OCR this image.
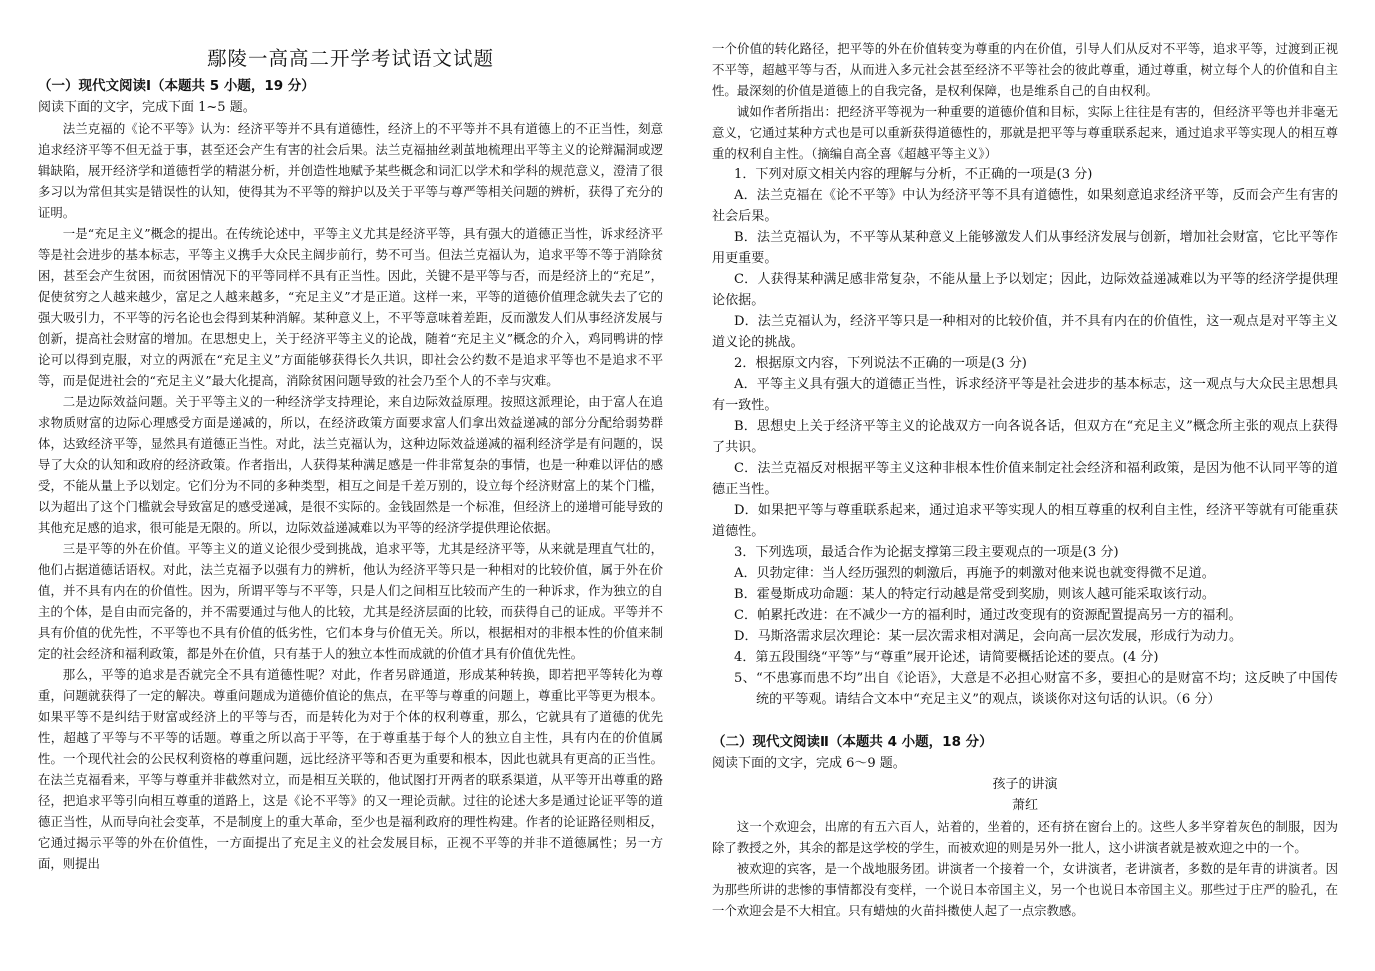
鄢陵一高高二开学考试语文试题
（一）现代文阅读Ⅰ（本题共 5 小题，19 分）
阅读下面的文字，完成下面 1~5 题。

法兰克福的《论不平等》认为：经济平等并不具有道德性，经济上的不平等并不具有道德上的不正当性，刻意追求经济平等不但无益于事，甚至还会产生有害的社会后果。法兰克福抽丝剥茧地梳理出平等主义的论辩漏洞或逻辑缺陷，展开经济学和道德哲学的精湛分析，并创造性地赋予某些概念和词汇以学术和学科的规范意义，澄清了很多习以为常但其实是错误性的认知，使得其为不平等的辩护以及关于平等与尊严等相关问题的辨析，获得了充分的证明。

一是“充足主义”概念的提出。在传统论述中，平等主义尤其是经济平等，具有强大的道德正当性，诉求经济平等是社会进步的基本标志，平等主义携手大众民主阔步前行，势不可当。但法兰克福认为，追求平等不等于消除贫困，甚至会产生贫困，而贫困情况下的平等同样不具有正当性。因此，关键不是平等与否，而是经济上的“充足”，促使贫穷之人越来越少，富足之人越来越多，“充足主义”才是正道。这样一来，平等的道德价值理念就失去了它的强大吸引力，不平等的污名论也会得到某种消解。某种意义上，不平等意味着差距，反而激发人们从事经济发展与创新，提高社会财富的增加。在思想史上，关于经济平等主义的论战，随着“充足主义”概念的介入，鸡同鸭讲的悖论可以得到克服，对立的两派在“充足主义”方面能够获得长久共识，即社会公约数不是追求平等也不是追求不平等，而是促进社会的“充足主义”最大化提高，消除贫困问题导致的社会乃至个人的不幸与灾难。

二是边际效益问题。关于平等主义的一种经济学支持理论，来自边际效益原理。按照这派理论，由于富人在追求物质财富的边际心理感受方面是递减的，所以，在经济政策方面要求富人们拿出效益递减的部分分配给弱势群体，达致经济平等，显然具有道德正当性。对此，法兰克福认为，这种边际效益递减的福利经济学是有问题的，误导了大众的认知和政府的经济政策。作者指出，人获得某种满足感是一件非常复杂的事情，也是一种难以评估的感受，不能从量上予以划定。它们分为不同的多种类型，相互之间是千差万别的，设立每个经济财富上的某个门槛，以为超出了这个门槛就会导致富足的感受递减，是很不实际的。金钱固然是一个标准，但经济上的递增可能导致的其他充足感的追求，很可能是无限的。所以，边际效益递减难以为平等的经济学提供理论依据。

三是平等的外在价值。平等主义的道义论很少受到挑战，追求平等，尤其是经济平等，从来就是理直气壮的，他们占据道德话语权。对此，法兰克福予以强有力的辨析，他认为经济平等只是一种相对的比较价值，属于外在价值，并不具有内在的价值性。因为，所谓平等与不平等，只是人们之间相互比较而产生的一种诉求，作为独立的自主的个体，是自由而完备的，并不需要通过与他人的比较，尤其是经济层面的比较，而获得自己的证成。平等并不具有价值的优先性，不平等也不具有价值的低劣性，它们本身与价值无关。所以，根据相对的非根本性的价值来制定的社会经济和福利政策，都是外在价值，只有基于人的独立本性而成就的价值才具有价值优先性。

那么，平等的追求是否就完全不具有道德性呢？对此，作者另辟通道，形成某种转换，即若把平等转化为尊重，问题就获得了一定的解决。尊重问题成为道德价值论的焦点，在平等与尊重的问题上，尊重比平等更为根本。如果平等不是纠结于财富或经济上的平等与否，而是转化为对于个体的权利尊重，那么，它就具有了道德的优先性，超越了平等与不平等的话题。尊重之所以高于平等，在于尊重基于每个人的独立自主性，具有内在的价值属性。一个现代社会的公民权利资格的尊重问题，远比经济平等和否更为重要和根本，因此也就具有更高的正当性。在法兰克福看来，平等与尊重并非截然对立，而是相互关联的，他试图打开两者的联系渠道，从平等开出尊重的路径，把追求平等引向相互尊重的道路上，这是《论不平等》的又一理论贡献。过往的论述大多是通过论证平等的道德正当性，从而导向社会变革，不是制度上的重大革命，至少也是福利政府的理性构建。作者的论证路径则相反，它通过揭示平等的外在价值性，一方面提出了充足主义的社会发展目标，正视不平等的并非不道德属性；另一方面，则提出

一个价值的转化路径，把平等的外在价值转变为尊重的内在价值，引导人们从反对不平等，追求平等，过渡到正视不平等，超越平等与否，从而进入多元社会甚至经济不平等社会的彼此尊重，通过尊重，树立每个人的价值和自主性。最深刻的价值是道德上的自我完备，是权利保障，也是维系自己的自由权利。

诚如作者所指出：把经济平等视为一种重要的道德价值和目标，实际上往往是有害的，但经济平等也并非毫无意义，它通过某种方式也是可以重新获得道德性的，那就是把平等与尊重联系起来，通过追求平等实现人的相互尊重的权利自主性。（摘编自高全喜《超越平等主义》）

1．下列对原文相关内容的理解与分析，不正确的一项是(3 分)

A．法兰克福在《论不平等》中认为经济平等不具有道德性，如果刻意追求经济平等，反而会产生有害的社会后果。

B．法兰克福认为，不平等从某种意义上能够激发人们从事经济发展与创新，增加社会财富，它比平等作用更重要。

C．人获得某种满足感非常复杂，不能从量上予以划定；因此，边际效益递减难以为平等的经济学提供理论依据。

D．法兰克福认为，经济平等只是一种相对的比较价值，并不具有内在的价值性，这一观点是对平等主义道义论的挑战。

2．根据原文内容，下列说法不正确的一项是(3 分)

A．平等主义具有强大的道德正当性，诉求经济平等是社会进步的基本标志，这一观点与大众民主思想具有一致性。

B．思想史上关于经济平等主义的论战双方一向各说各话，但双方在“充足主义”概念所主张的观点上获得了共识。

C．法兰克福反对根据平等主义这种非根本性价值来制定社会经济和福利政策，是因为他不认同平等的道德正当性。

D．如果把平等与尊重联系起来，通过追求平等实现人的相互尊重的权利自主性，经济平等就有可能重获道德性。

3．下列选项，最适合作为论据支撑第三段主要观点的一项是(3 分)

A．贝勃定律：当人经历强烈的刺激后，再施予的刺激对他来说也就变得微不足道。

B．霍曼斯成功命题：某人的特定行动越是常受到奖励，则该人越可能采取该行动。

C．帕累托改进：在不减少一方的福利时，通过改变现有的资源配置提高另一方的福利。

D．马斯洛需求层次理论：某一层次需求相对满足，会向高一层次发展，形成行为动力。

4．第五段围绕“平等”与“尊重”展开论述，请简要概括论述的要点。(4 分)

5、“不患寡而患不均”出自《论语》，大意是不必担心财富不多，要担心的是财富不均；这反映了中国传统的平等观。请结合文本中“充足主义”的观点，谈谈你对这句话的认识。（6 分）
（二）现代文阅读Ⅱ（本题共 4 小题，18 分）
阅读下面的文字，完成 6～9 题。
孩子的讲演
萧红

这一个欢迎会，出席的有五六百人，站着的，坐着的，还有挤在窗台上的。这些人多半穿着灰色的制服，因为除了教授之外，其余的都是这学校的学生，而被欢迎的则是另外一批人，这小讲演者就是被欢迎之中的一个。

被欢迎的宾客，是一个战地服务团。讲演者一个接着一个，女讲演者，老讲演者，多数的是年青的讲演者。因为那些所讲的悲惨的事情都没有变样，一个说日本帝国主义，另一个也说日本帝国主义。那些过于庄严的脸孔，在一个欢迎会是不大相宜。只有蜡烛的火苗抖擞使人起了一点宗教感。
